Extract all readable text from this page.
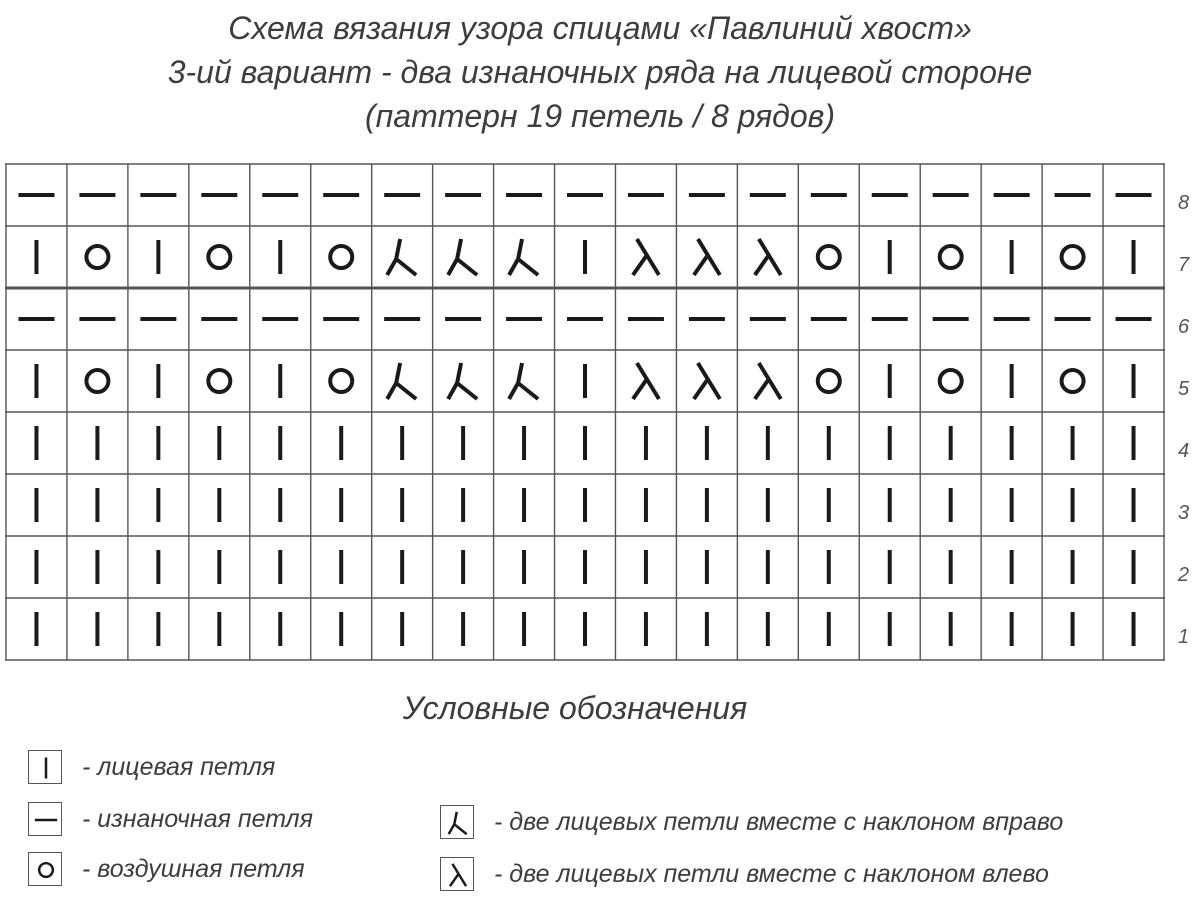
Схема вязания узора спицами «Павлиний хвост»
3-ий вариант - два изнаночных ряда на лицевой стороне
(паттерн 19 петель / 8 рядов)
8
7
6
5
4
3
2
1
Условные обозначения
- лицевая петля
- изнаночная петля
- воздушная петля
- две лицевых петли вместе с наклоном вправо
- две лицевых петли вместе с наклоном влево
